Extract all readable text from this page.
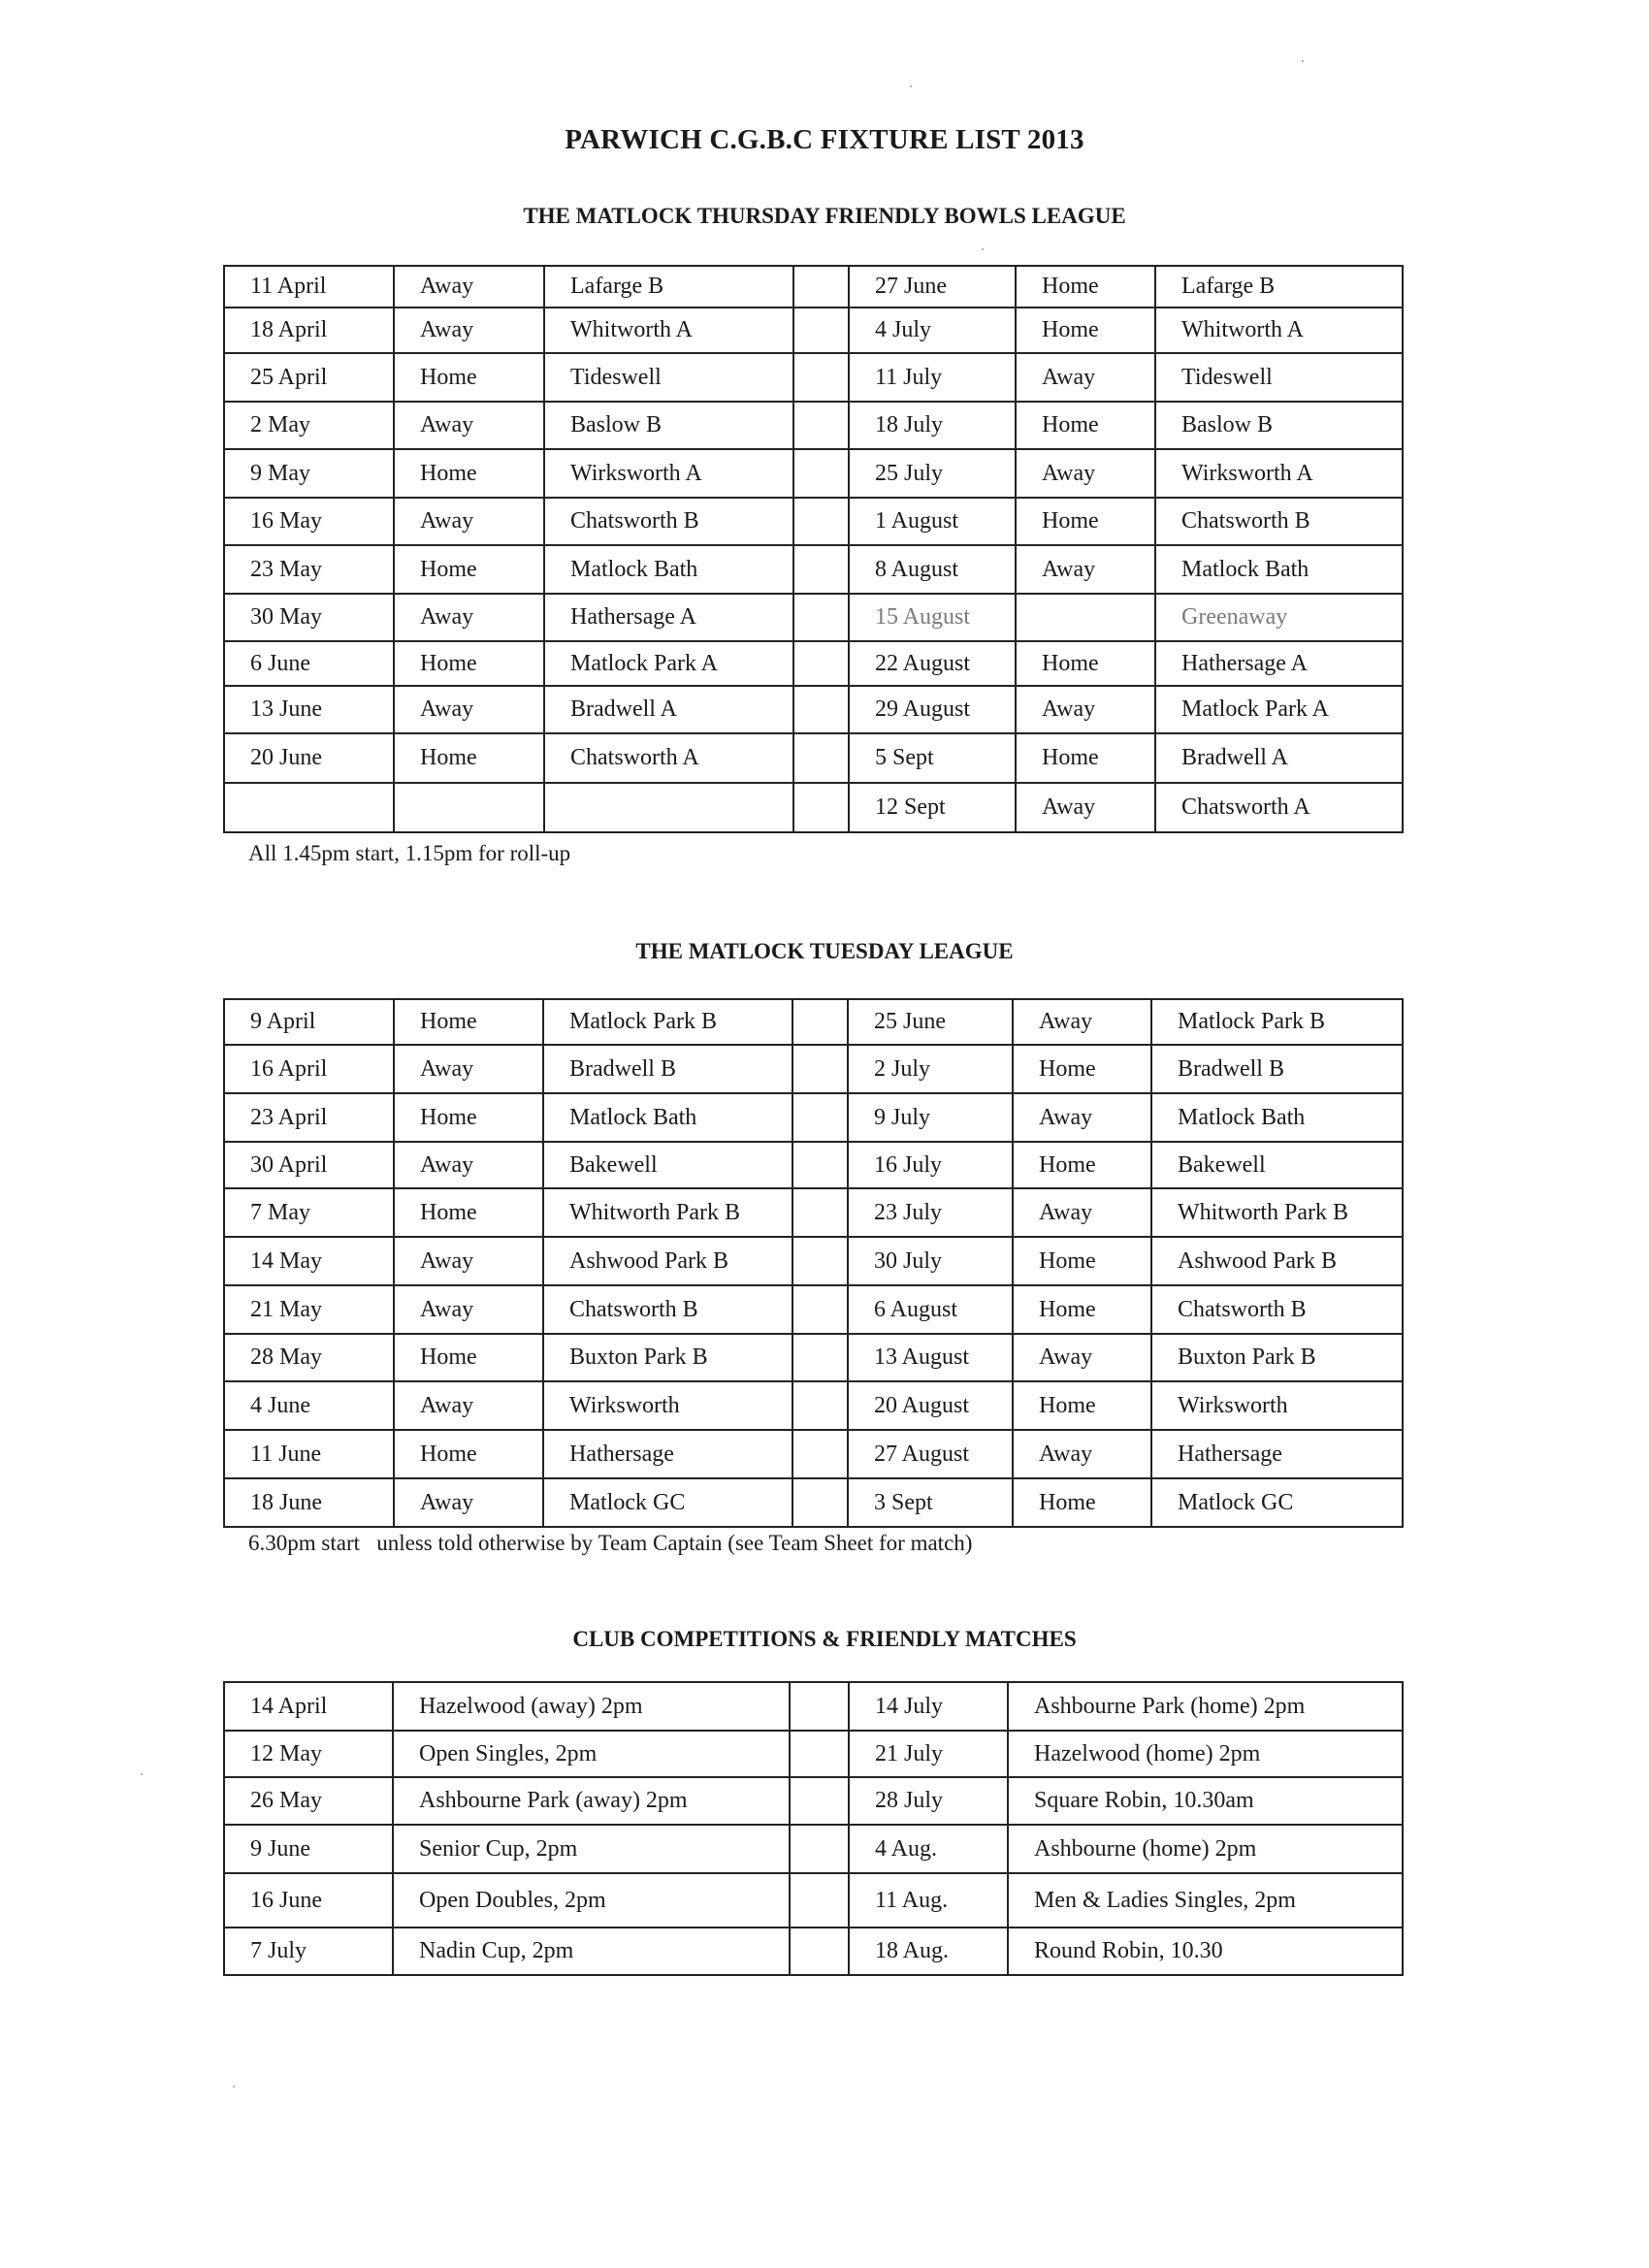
PARWICH C.G.B.C FIXTURE LIST 2013
THE MATLOCK THURSDAY FRIENDLY BOWLS LEAGUE
11 April	Away	Lafarge B		27 June	Home	Lafarge B
18 April	Away	Whitworth A		4 July	Home	Whitworth A
25 April	Home	Tideswell		11 July	Away	Tideswell
2 May	Away	Baslow B		18 July	Home	Baslow B
9 May	Home	Wirksworth A		25 July	Away	Wirksworth A
16 May	Away	Chatsworth B		1 August	Home	Chatsworth B
23 May	Home	Matlock Bath		8 August	Away	Matlock Bath
30 May	Away	Hathersage A		15 August		Greenaway
6 June	Home	Matlock Park A		22 August	Home	Hathersage A
13 June	Away	Bradwell A		29 August	Away	Matlock Park A
20 June	Home	Chatsworth A		5 Sept	Home	Bradwell A
				12 Sept	Away	Chatsworth A
All 1.45pm start, 1.15pm for roll-up
THE MATLOCK TUESDAY LEAGUE
9 April	Home	Matlock Park B		25 June	Away	Matlock Park B
16 April	Away	Bradwell B		2 July	Home	Bradwell B
23 April	Home	Matlock Bath		9 July	Away	Matlock Bath
30 April	Away	Bakewell		16 July	Home	Bakewell
7 May	Home	Whitworth Park B		23 July	Away	Whitworth Park B
14 May	Away	Ashwood Park B		30 July	Home	Ashwood Park B
21 May	Away	Chatsworth B		6 August	Home	Chatsworth B
28 May	Home	Buxton Park B		13 August	Away	Buxton Park B
4 June	Away	Wirksworth		20 August	Home	Wirksworth
11 June	Home	Hathersage		27 August	Away	Hathersage
18 June	Away	Matlock GC		3 Sept	Home	Matlock GC
6.30pm start   unless told otherwise by Team Captain (see Team Sheet for match)
CLUB COMPETITIONS & FRIENDLY MATCHES
14 April	Hazelwood (away) 2pm		14 July	Ashbourne Park (home) 2pm
12 May	Open Singles, 2pm		21 July	Hazelwood (home) 2pm
26 May	Ashbourne Park (away) 2pm		28 July	Square Robin, 10.30am
9 June	Senior Cup, 2pm		4 Aug.	Ashbourne (home) 2pm
16 June	Open Doubles, 2pm		11 Aug.	Men & Ladies Singles, 2pm
7 July	Nadin Cup, 2pm		18 Aug.	Round Robin, 10.30
